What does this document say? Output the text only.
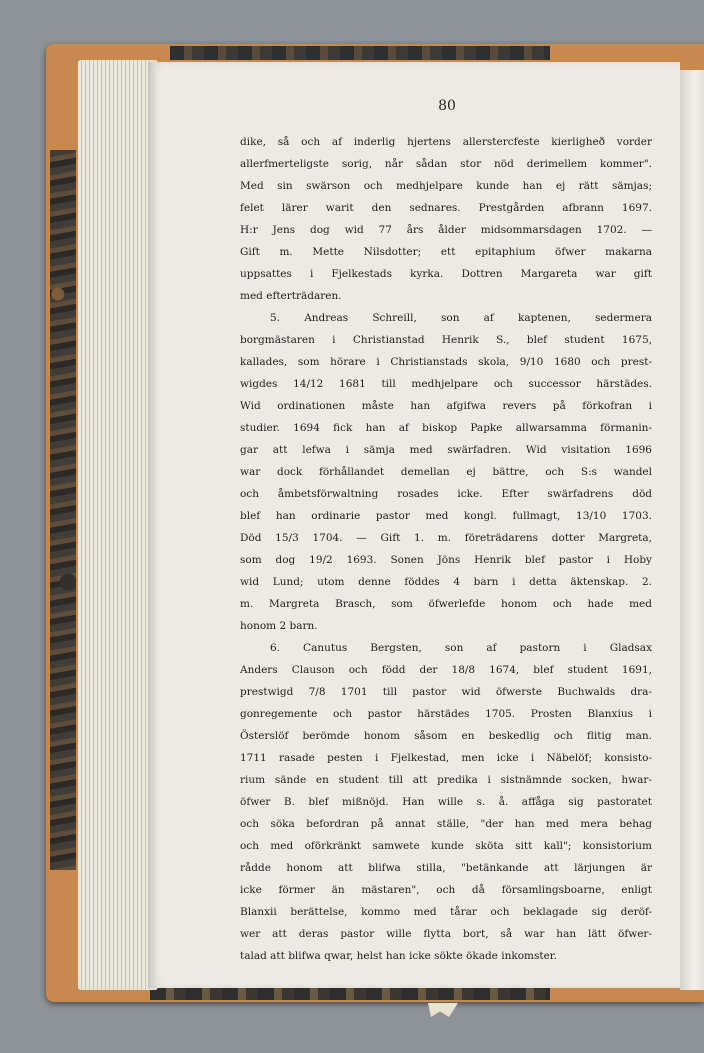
80
dike, så och af inderlig hjertens allerstercfeste kierligheð vorder
allerfmerteligste sorig, når sådan stor nöd derimellem kommer".
Med sin swärson och medhjelpare kunde han ej rätt sämjas;
felet lärer warit den sednares. Prestgården afbrann 1697.
H:r Jens dog wid 77 års ålder midsommarsdagen 1702. —
Gift m. Mette Nilsdotter; ett epitaphium öfwer makarna
uppsattes i Fjelkestads kyrka. Dottren Margareta war gift
med efterträdaren.
5. Andreas Schreill, son af kaptenen, sedermera
borgmästaren i Christianstad Henrik S., blef student 1675,
kallades, som hörare i Christianstads skola, 9/10 1680 och prest-
wigdes 14/12 1681 till medhjelpare och successor härstädes.
Wid ordinationen måste han afgifwa revers på förkofran i
studier. 1694 fick han af biskop Papke allwarsamma förmanin-
gar att lefwa i sämja med swärfadren. Wid visitation 1696
war dock förhållandet demellan ej bättre, och S:s wandel
och åmbetsförwaltning rosades icke. Efter swärfadrens död
blef han ordinarie pastor med kongl. fullmagt, 13/10 1703.
Död 15/3 1704. — Gift 1. m. företrädarens dotter Margreta,
som dog 19/2 1693. Sonen Jöns Henrik blef pastor i Hoby
wid Lund; utom denne föddes 4 barn i detta äktenskap. 2.
m. Margreta Brasch, som öfwerlefde honom och hade med
honom 2 barn.
6. Canutus Bergsten, son af pastorn i Gladsax
Anders Clauson och född der 18/8 1674, blef student 1691,
prestwigd 7/8 1701 till pastor wid öfwerste Buchwalds dra-
gonregemente och pastor härstädes 1705. Prosten Blanxius i
Österslöf berömde honom såsom en beskedlig och flitig man.
1711 rasade pesten i Fjelkestad, men icke i Näbelöf; konsisto-
rium sände en student till att predika i sistnämnde socken, hwar-
öfwer B. blef mißnöjd. Han wille s. å. affåga sig pastoratet
och söka befordran på annat ställe, "der han med mera behag
och med oförkränkt samwete kunde sköta sitt kall"; konsistorium
rådde honom att blifwa stilla, "betänkande att lärjungen är
icke förmer än mästaren", och då församlingsboarne, enligt
Blanxii berättelse, kommo med tårar och beklagade sig deröf-
wer att deras pastor wille flytta bort, så war han lätt öfwer-
talad att blifwa qwar, helst han icke sökte ökade inkomster.
